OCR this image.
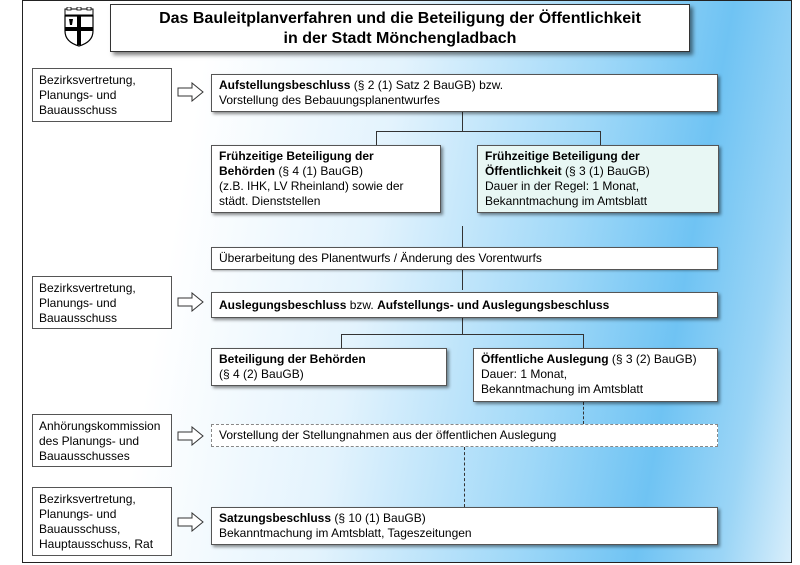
Das Bauleitplanverfahren und die Beteiligung der Öffentlichkeit
in der Stadt Mönchengladbach
Bezirksvertretung,
Planungs- und
Bauausschuss
Bezirksvertretung,
Planungs- und
Bauausschuss
Anhörungskommission
des Planungs- und
Bauausschusses
Bezirksvertretung,
Planungs- und
Bauausschuss,
Hauptausschuss, Rat
Aufstellungsbeschluss (§ 2 (1) Satz 2 BauGB) bzw.
Vorstellung des Bebauungsplanentwurfes
Frühzeitige Beteiligung der
Behörden (§ 4 (1) BauGB)
(z.B. IHK, LV Rheinland) sowie der
städt. Dienststellen
Frühzeitige Beteiligung der
Öffentlichkeit (§ 3 (1) BauGB)
Dauer in der Regel: 1 Monat,
Bekanntmachung im Amtsblatt
Überarbeitung des Planentwurfs / Änderung des Vorentwurfs
Auslegungsbeschluss bzw. Aufstellungs- und Auslegungsbeschluss
Beteiligung der Behörden
(§ 4 (2) BauGB)
Öffentliche Auslegung (§ 3 (2) BauGB)
Dauer: 1 Monat,
Bekanntmachung im Amtsblatt
Vorstellung der Stellungnahmen aus der öffentlichen Auslegung
Satzungsbeschluss (§ 10 (1) BauGB)
Bekanntmachung im Amtsblatt, Tageszeitungen
